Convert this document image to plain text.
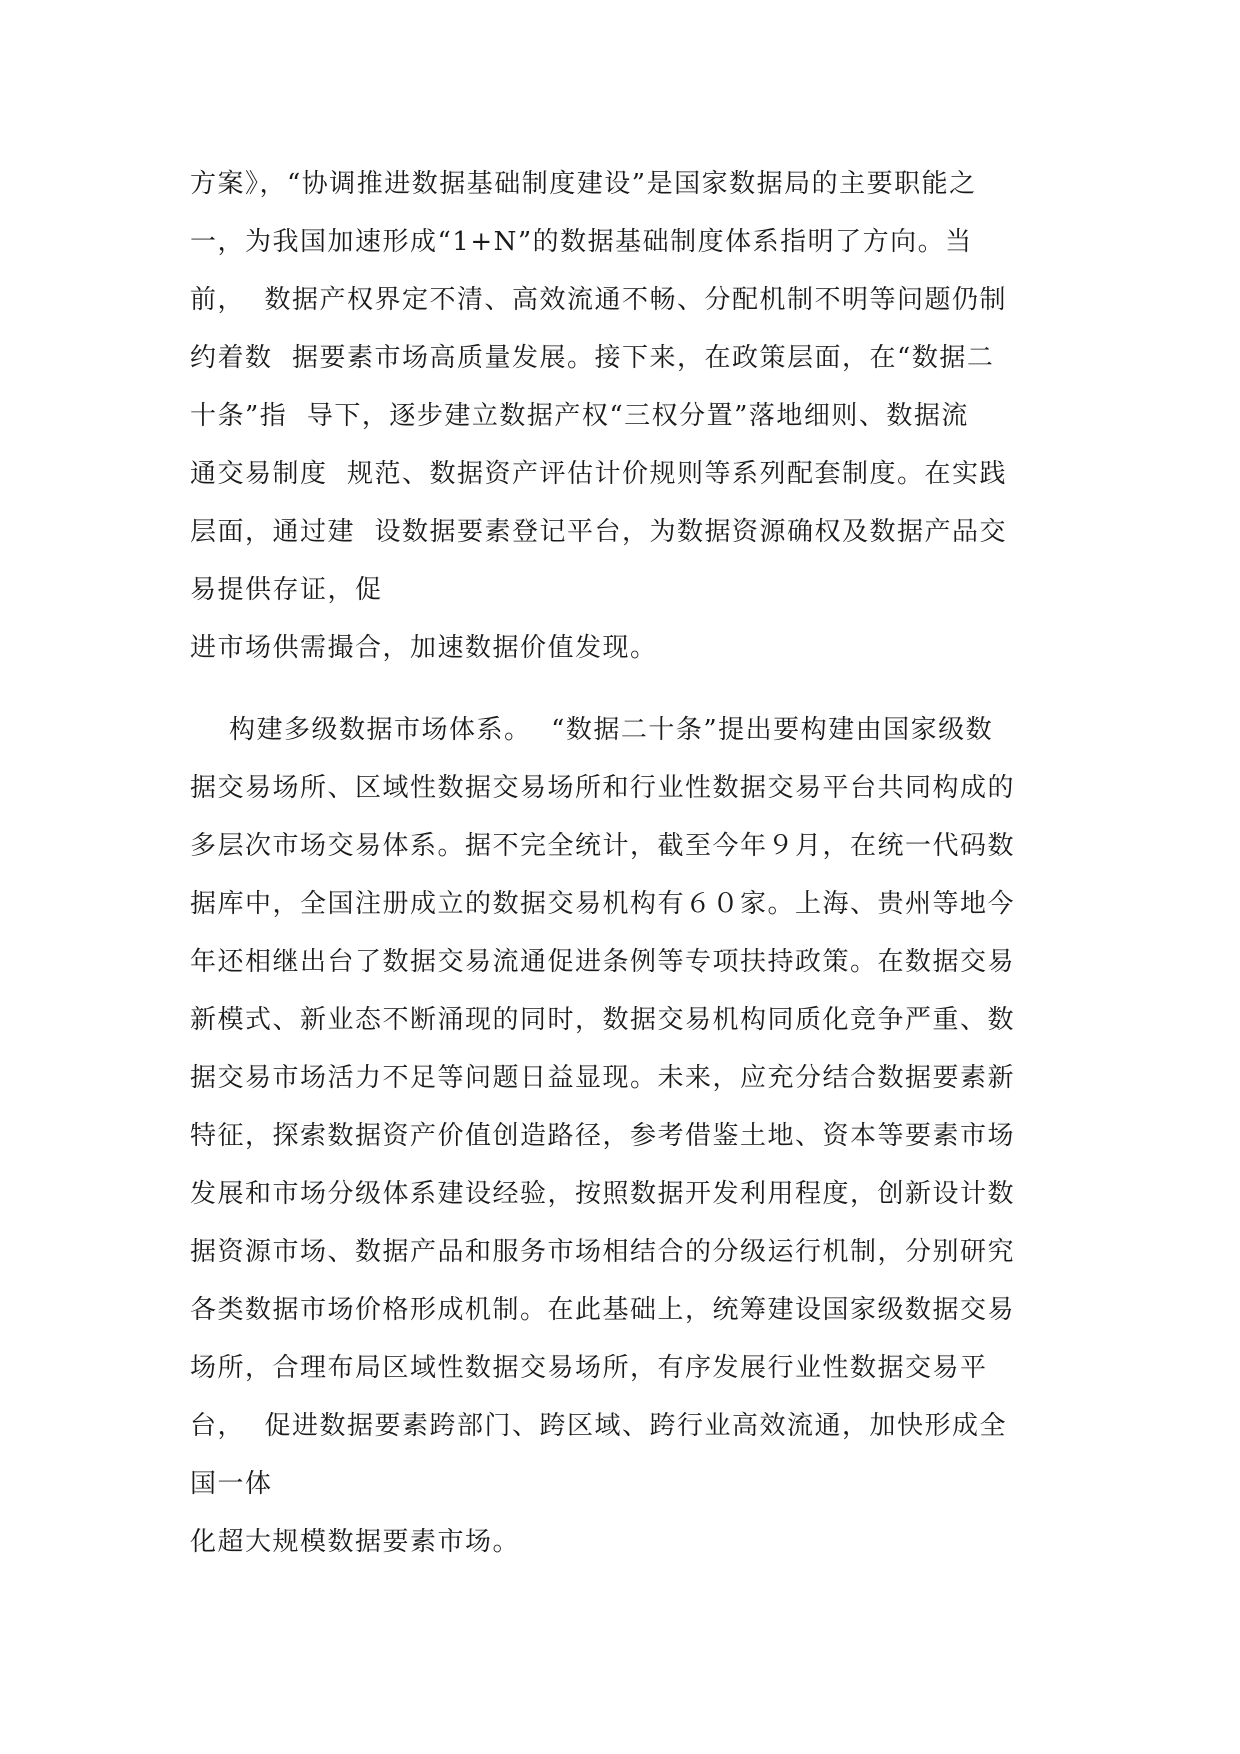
方案》，“协调推进数据基础制度建设”是国家数据局的主要职能之
一，为我国加速形成“1+N”的数据基础制度体系指明了方向。当
前，  数据产权界定不清、高效流通不畅、分配机制不明等问题仍制
约着数  据要素市场高质量发展。接下来，在政策层面，在“数据二
十条”指  导下，逐步建立数据产权“三权分置”落地细则、数据流
通交易制度  规范、数据资产评估计价规则等系列配套制度。在实践
层面，通过建  设数据要素登记平台，为数据资源确权及数据产品交
易提供存证，促
进市场供需撮合，加速数据价值发现。
构建多级数据市场体系。  “数据二十条”提出要构建由国家级数
据交易场所、区域性数据交易场所和行业性数据交易平台共同构成的
多层次市场交易体系。据不完全统计，截至今年９月，在统一代码数
据库中，全国注册成立的数据交易机构有６０家。上海、贵州等地今
年还相继出台了数据交易流通促进条例等专项扶持政策。在数据交易
新模式、新业态不断涌现的同时，数据交易机构同质化竞争严重、数
据交易市场活力不足等问题日益显现。未来，应充分结合数据要素新
特征，探索数据资产价值创造路径，参考借鉴土地、资本等要素市场
发展和市场分级体系建设经验，按照数据开发利用程度，创新设计数
据资源市场、数据产品和服务市场相结合的分级运行机制，分别研究
各类数据市场价格形成机制。在此基础上，统筹建设国家级数据交易
场所，合理布局区域性数据交易场所，有序发展行业性数据交易平
台，  促进数据要素跨部门、跨区域、跨行业高效流通，加快形成全
国一体
化超大规模数据要素市场。
